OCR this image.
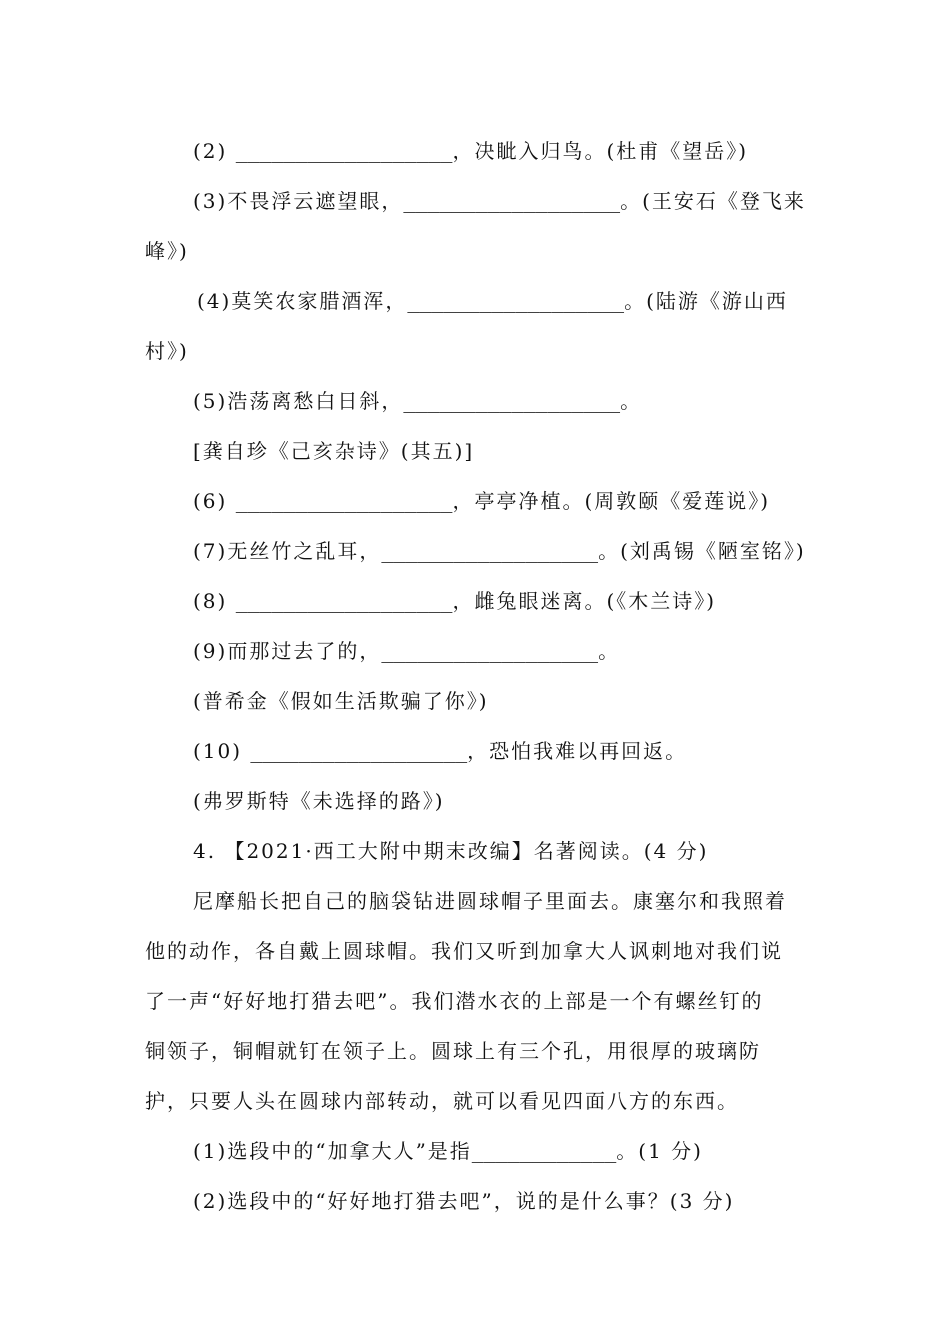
(2) __________________，决眦入归鸟。(杜甫《望岳》)
(3)不畏浮云遮望眼，__________________。(王安石《登飞来
峰》)
(4)莫笑农家腊酒浑，__________________。(陆游《游山西
村》)
(5)浩荡离愁白日斜，__________________。
[龚自珍《己亥杂诗》(其五)]
(6) __________________，亭亭净植。(周敦颐《爱莲说》)
(7)无丝竹之乱耳，__________________。(刘禹锡《陋室铭》)
(8) __________________，雌兔眼迷离。(《木兰诗》)
(9)而那过去了的，__________________。
(普希金《假如生活欺骗了你》)
(10) __________________，恐怕我难以再回返。
(弗罗斯特《未选择的路》)
4. 【2021·西工大附中期末改编】名著阅读。(4 分)
尼摩船长把自己的脑袋钻进圆球帽子里面去。康塞尔和我照着
他的动作，各自戴上圆球帽。我们又听到加拿大人讽刺地对我们说
了一声“好好地打猎去吧”。我们潜水衣的上部是一个有螺丝钉的
铜领子，铜帽就钉在领子上。圆球上有三个孔，用很厚的玻璃防
护，只要人头在圆球内部转动，就可以看见四面八方的东西。
(1)选段中的“加拿大人”是指____________。(1 分)
(2)选段中的“好好地打猎去吧”，说的是什么事？(3 分)
